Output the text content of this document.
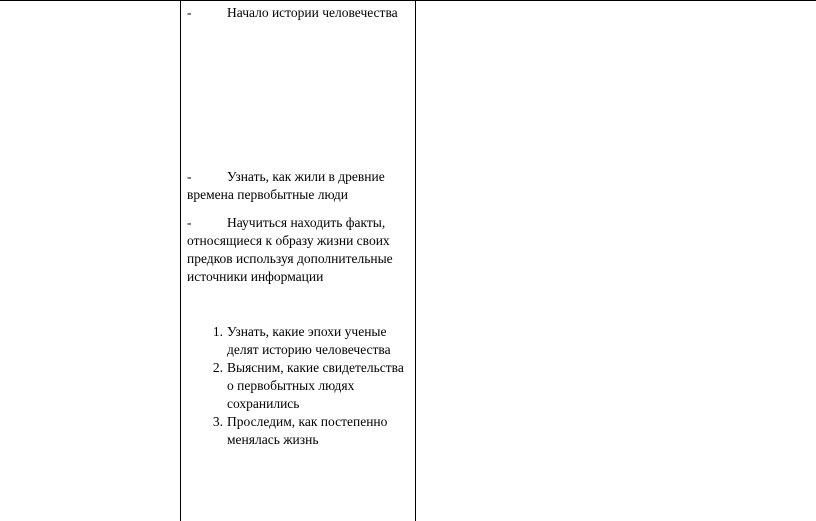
-	Начало истории человечества
-	Узнать, как жили в древние
времена первобытные люди
-	Научиться находить факты,
относящиеся к образу жизни своих
предков используя дополнительные
источники информации
1. Узнать, какие эпохи ученые
делят историю человечества
2. Выясним, какие свидетельства
о первобытных людях
сохранились
3. Проследим, как постепенно
менялась жизнь
